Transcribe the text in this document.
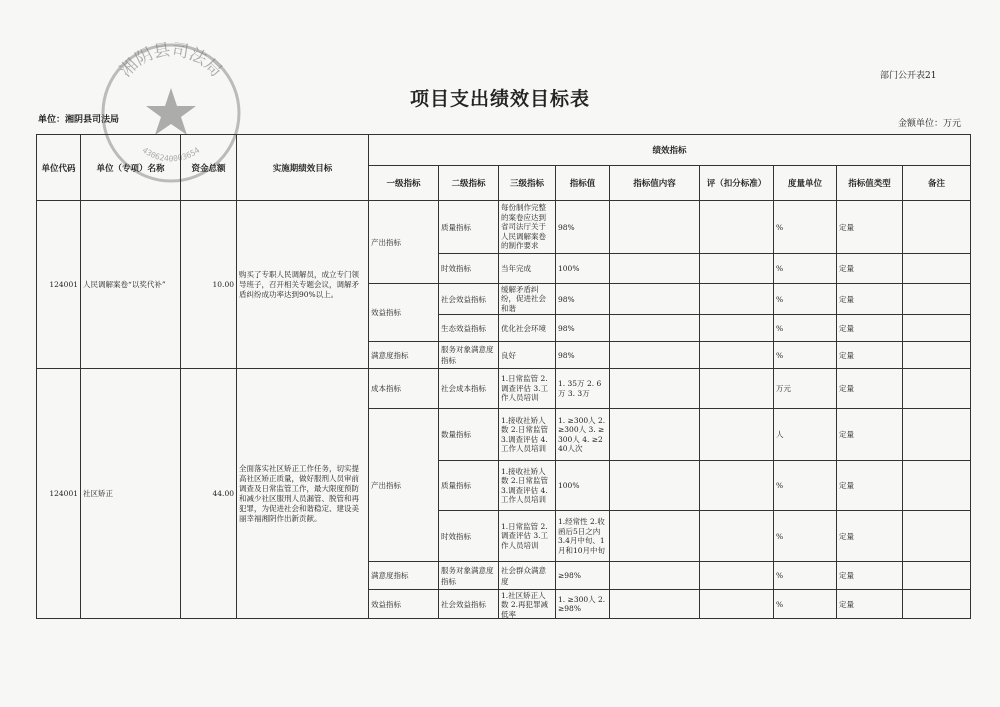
部门公开表21
项目支出绩效目标表
单位：湘阴县司法局	金额单位：万元
湘阴县司法局
4306240003654
单位代码	单位（专项）名称	资金总额	实施期绩效目标	绩效指标								
				一级指标	二级指标	三级指标	指标值	指标值内容	评（扣分标准）	度量单位	指标值类型	备注
124001	人民调解案卷“以奖代补”	10.00	购买了专职人民调解员，成立专门领导班子，召开相关专题会议，调解矛盾纠纷成功率达到90%以上。	产出指标	质量指标	每份制作完整的案卷应达到省司法厅关于人民调解案卷的制作要求	98%			%	定量	
					时效指标	当年完成	100%			%	定量	
				效益指标	社会效益指标	缓解矛盾纠纷，促进社会和谐	98%			%	定量	
					生态效益指标	优化社会环境	98%			%	定量	
				满意度指标	服务对象满意度指标	良好	98%			%	定量	
124001	社区矫正	44.00	全面落实社区矫正工作任务，切实提高社区矫正质量，做好服刑人员审前调查及日常监管工作，最大限度预防和减少社区服刑人员漏管、脱管和再犯罪，为促进社会和谐稳定、建设美丽幸福湘阴作出新贡献。	成本指标	社会成本指标	1.日常监管 2.调查评估 3.工作人员培训	1. 35万 2. 6万 3. 3万			万元	定量	
				产出指标	数量指标	1.接收社矫人数 2.日常监管 3.调查评估 4.工作人员培训	1. ≥300人 2. ≥300人 3. ≥300人 4. ≥240人次			人	定量	
					质量指标	1.接收社矫人数 2.日常监管 3.调查评估 4.工作人员培训	100%			%	定量	
					时效指标	1.日常监管 2.调查评估 3.工作人员培训	1.经常性 2.收函后5日之内 3.4月中旬、1月和10月中旬			%	定量	
				满意度指标	服务对象满意度指标	社会群众满意度	≥98%			%	定量	
				效益指标	社会效益指标	1.社区矫正人数 2.再犯罪减低率	1. ≥300人 2. ≥98%			%	定量	
